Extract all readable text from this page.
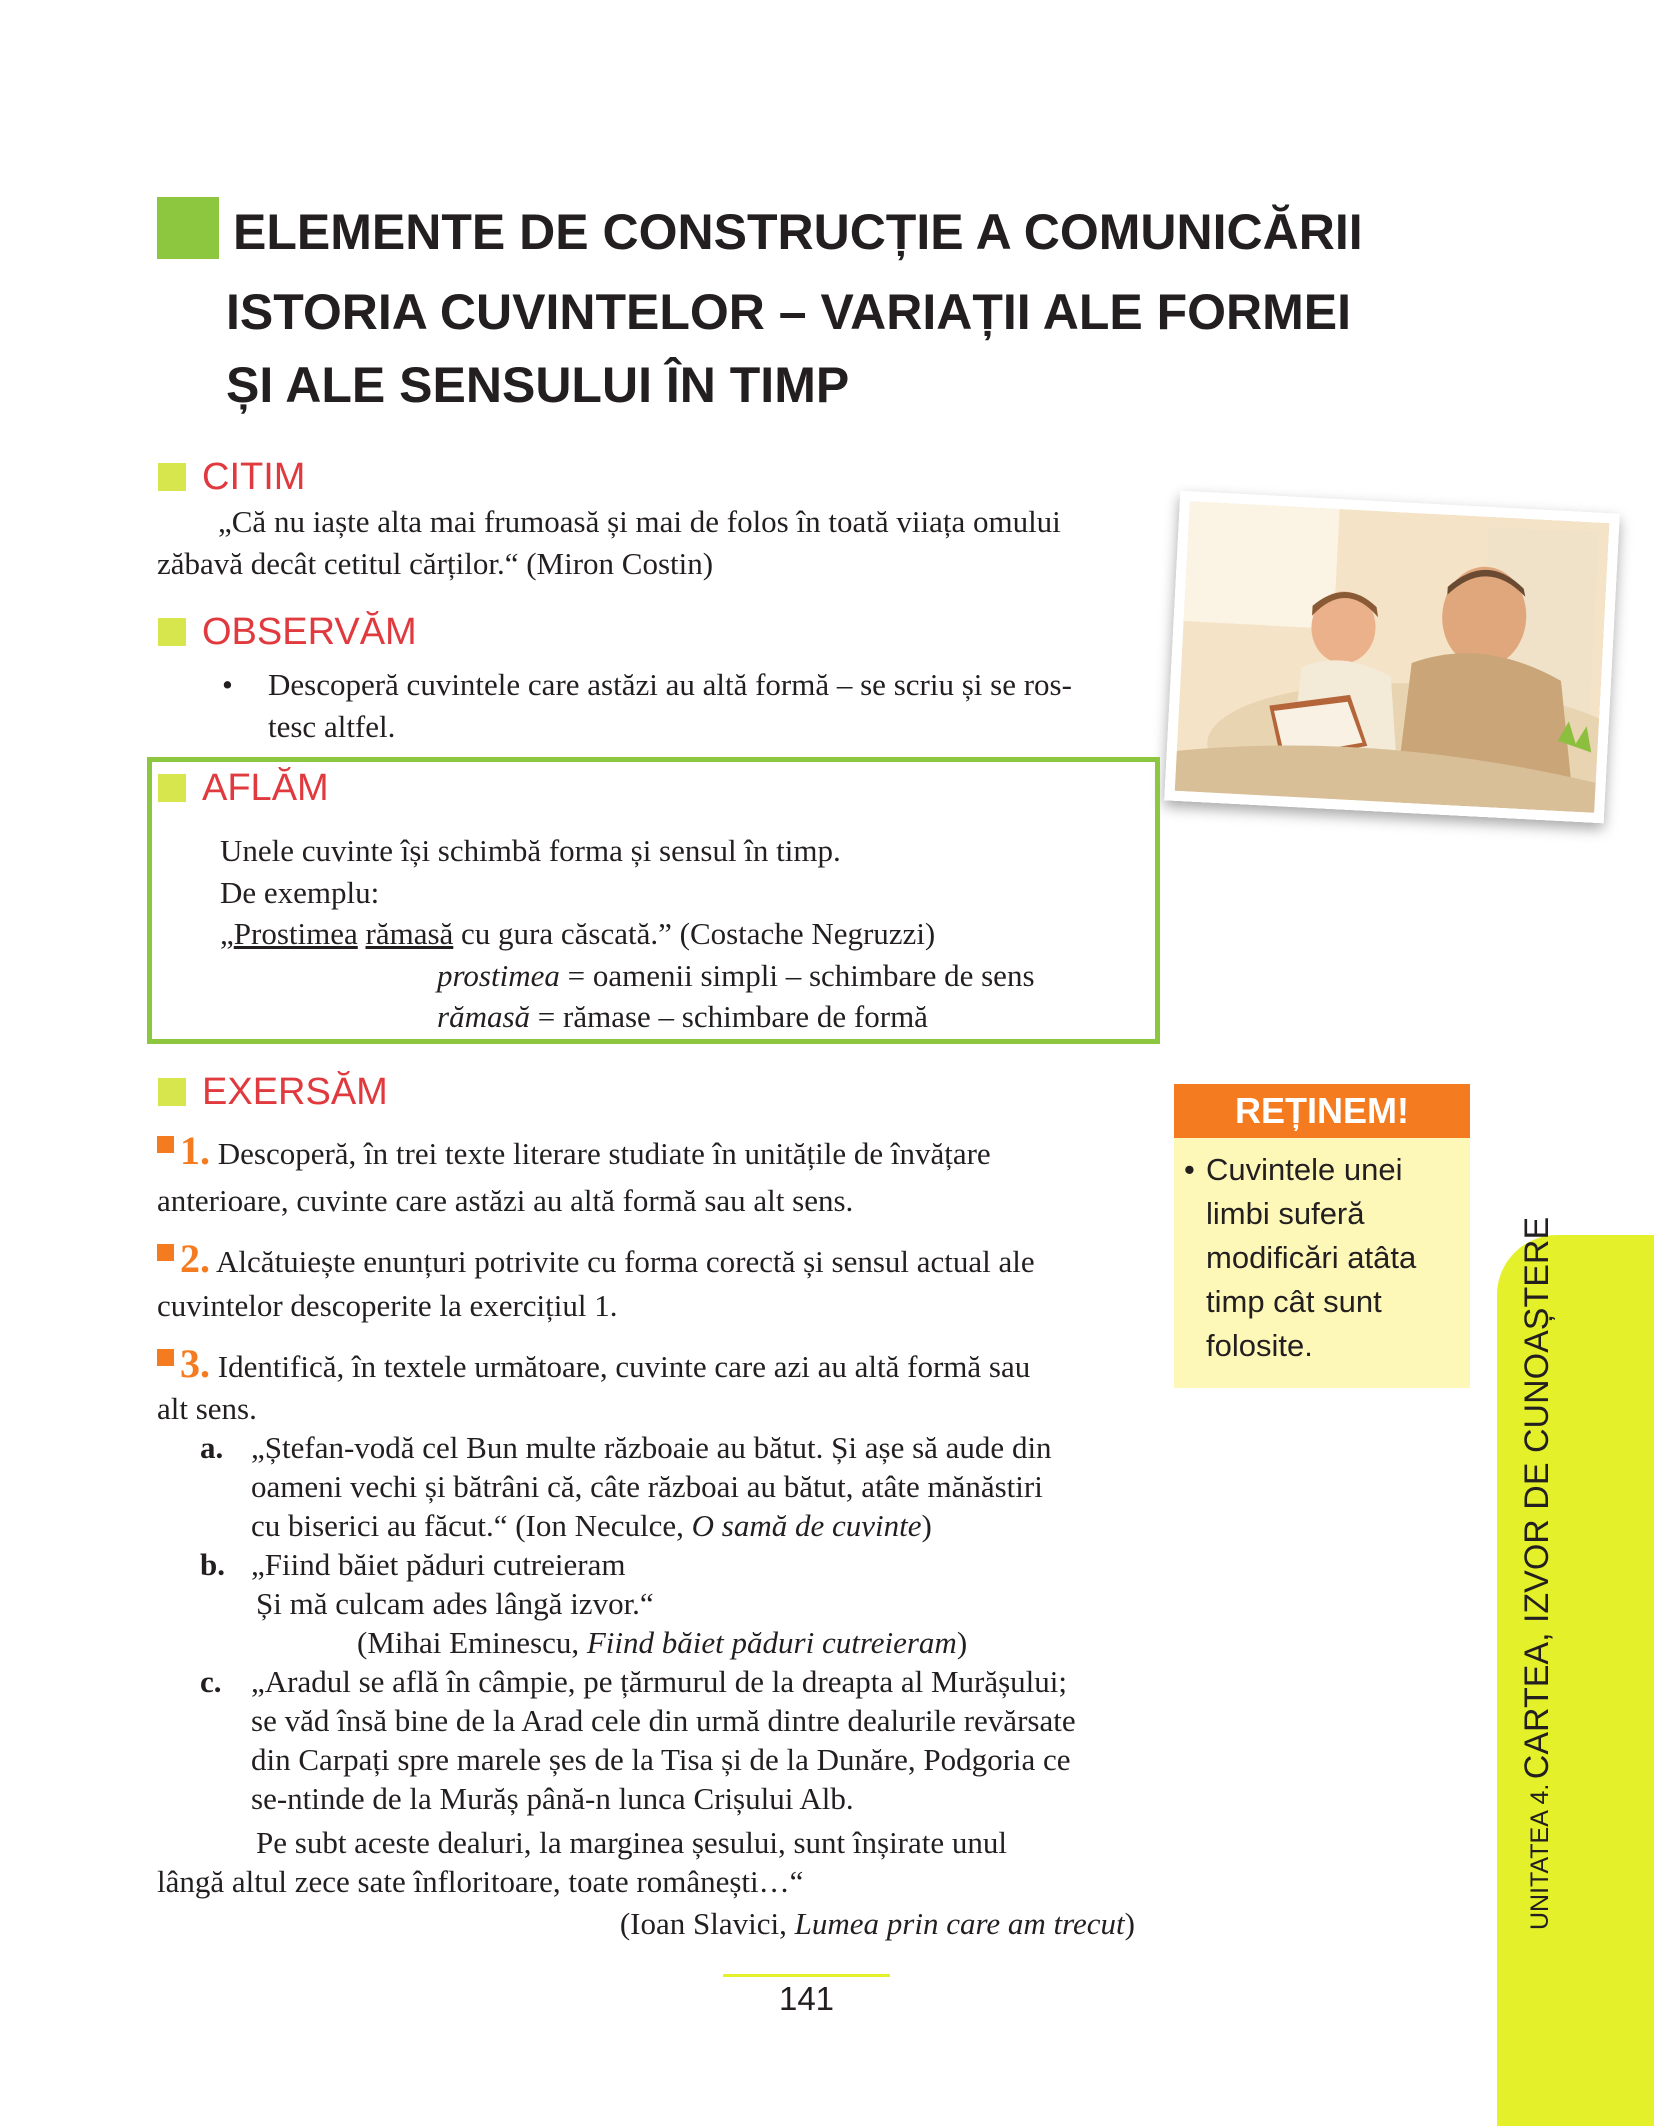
ELEMENTE DE CONSTRUCȚIE A COMUNICĂRII
ISTORIA CUVINTELOR – VARIAȚII ALE FORMEI
ȘI ALE SENSULUI ÎN TIMP
CITIM
„Că nu iaște alta mai frumoasă și mai de folos în toată viiața omului
zăbavă decât cetitul cărților.“ (Miron Costin)
OBSERVĂM
• Descoperă cuvintele care astăzi au altă formă – se scriu și se ros-
tesc altfel.
AFLĂM
Unele cuvinte își schimbă forma și sensul în timp.
De exemplu:
„Prostimea rămasă cu gura căscată.” (Costache Negruzzi)
prostimea = oamenii simpli – schimbare de sens
rămasă = rămase – schimbare de formă
REȚINEM!
• Cuvintele unei limbi suferă modificări atâta timp cât sunt folosite.
EXERSĂM
1. Descoperă, în trei texte literare studiate în unitățile de învățare
anterioare, cuvinte care astăzi au altă formă sau alt sens.
2. Alcătuiește enunțuri potrivite cu forma corectă și sensul actual ale
cuvintelor descoperite la exercițiul 1.
3. Identifică, în textele următoare, cuvinte care azi au altă formă sau
alt sens.
a. „Ștefan-vodă cel Bun multe războaie au bătut. Și așe să aude din
oameni vechi și bătrâni că, câte războai au bătut, atâte mănăstiri
cu biserici au făcut.“ (Ion Neculce, O samă de cuvinte)
b. „Fiind băiet păduri cutreieram
Și mă culcam ades lângă izvor.“
(Mihai Eminescu, Fiind băiet păduri cutreieram)
c. „Aradul se află în câmpie, pe țărmurul de la dreapta al Murășului;
se văd însă bine de la Arad cele din urmă dintre dealurile revărsate
din Carpați spre marele șes de la Tisa și de la Dunăre, Podgoria ce
se-ntinde de la Murăș până-n lunca Crișului Alb.
Pe subt aceste dealuri, la marginea șesului, sunt înșirate unul
lângă altul zece sate înfloritoare, toate românești…“
(Ioan Slavici, Lumea prin care am trecut)	UNITATEA 4. CARTEA, IZVOR DE CUNOAȘTERE
141
